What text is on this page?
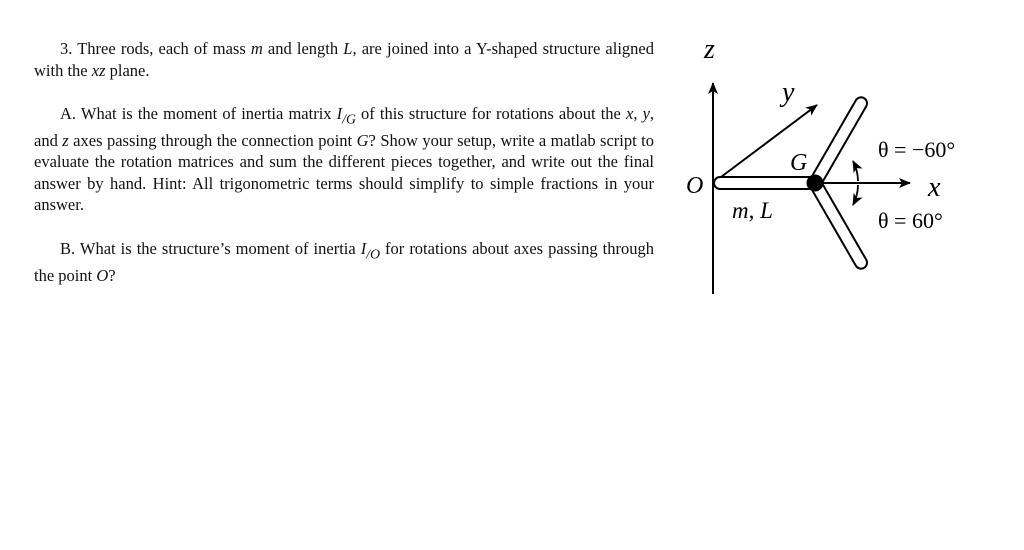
3. Three rods, each of mass m and length L, are joined into a Y-shaped structure aligned with the xz plane.

A. What is the moment of inertia matrix $I_{/G}$ of this structure for rotations about the x, y, and z axes passing through the connection point G? Show your setup, write a matlab script to evaluate the rotation matrices and sum the different pieces together, and write out the final answer by hand. Hint: All trigonometric terms should simplify to simple fractions in your answer.

B. What is the structure’s moment of inertia $I_{/O}$ for rotations about axes passing through the point O?

z
y
x
O
G
m, L
θ = −60°
θ = 60°
